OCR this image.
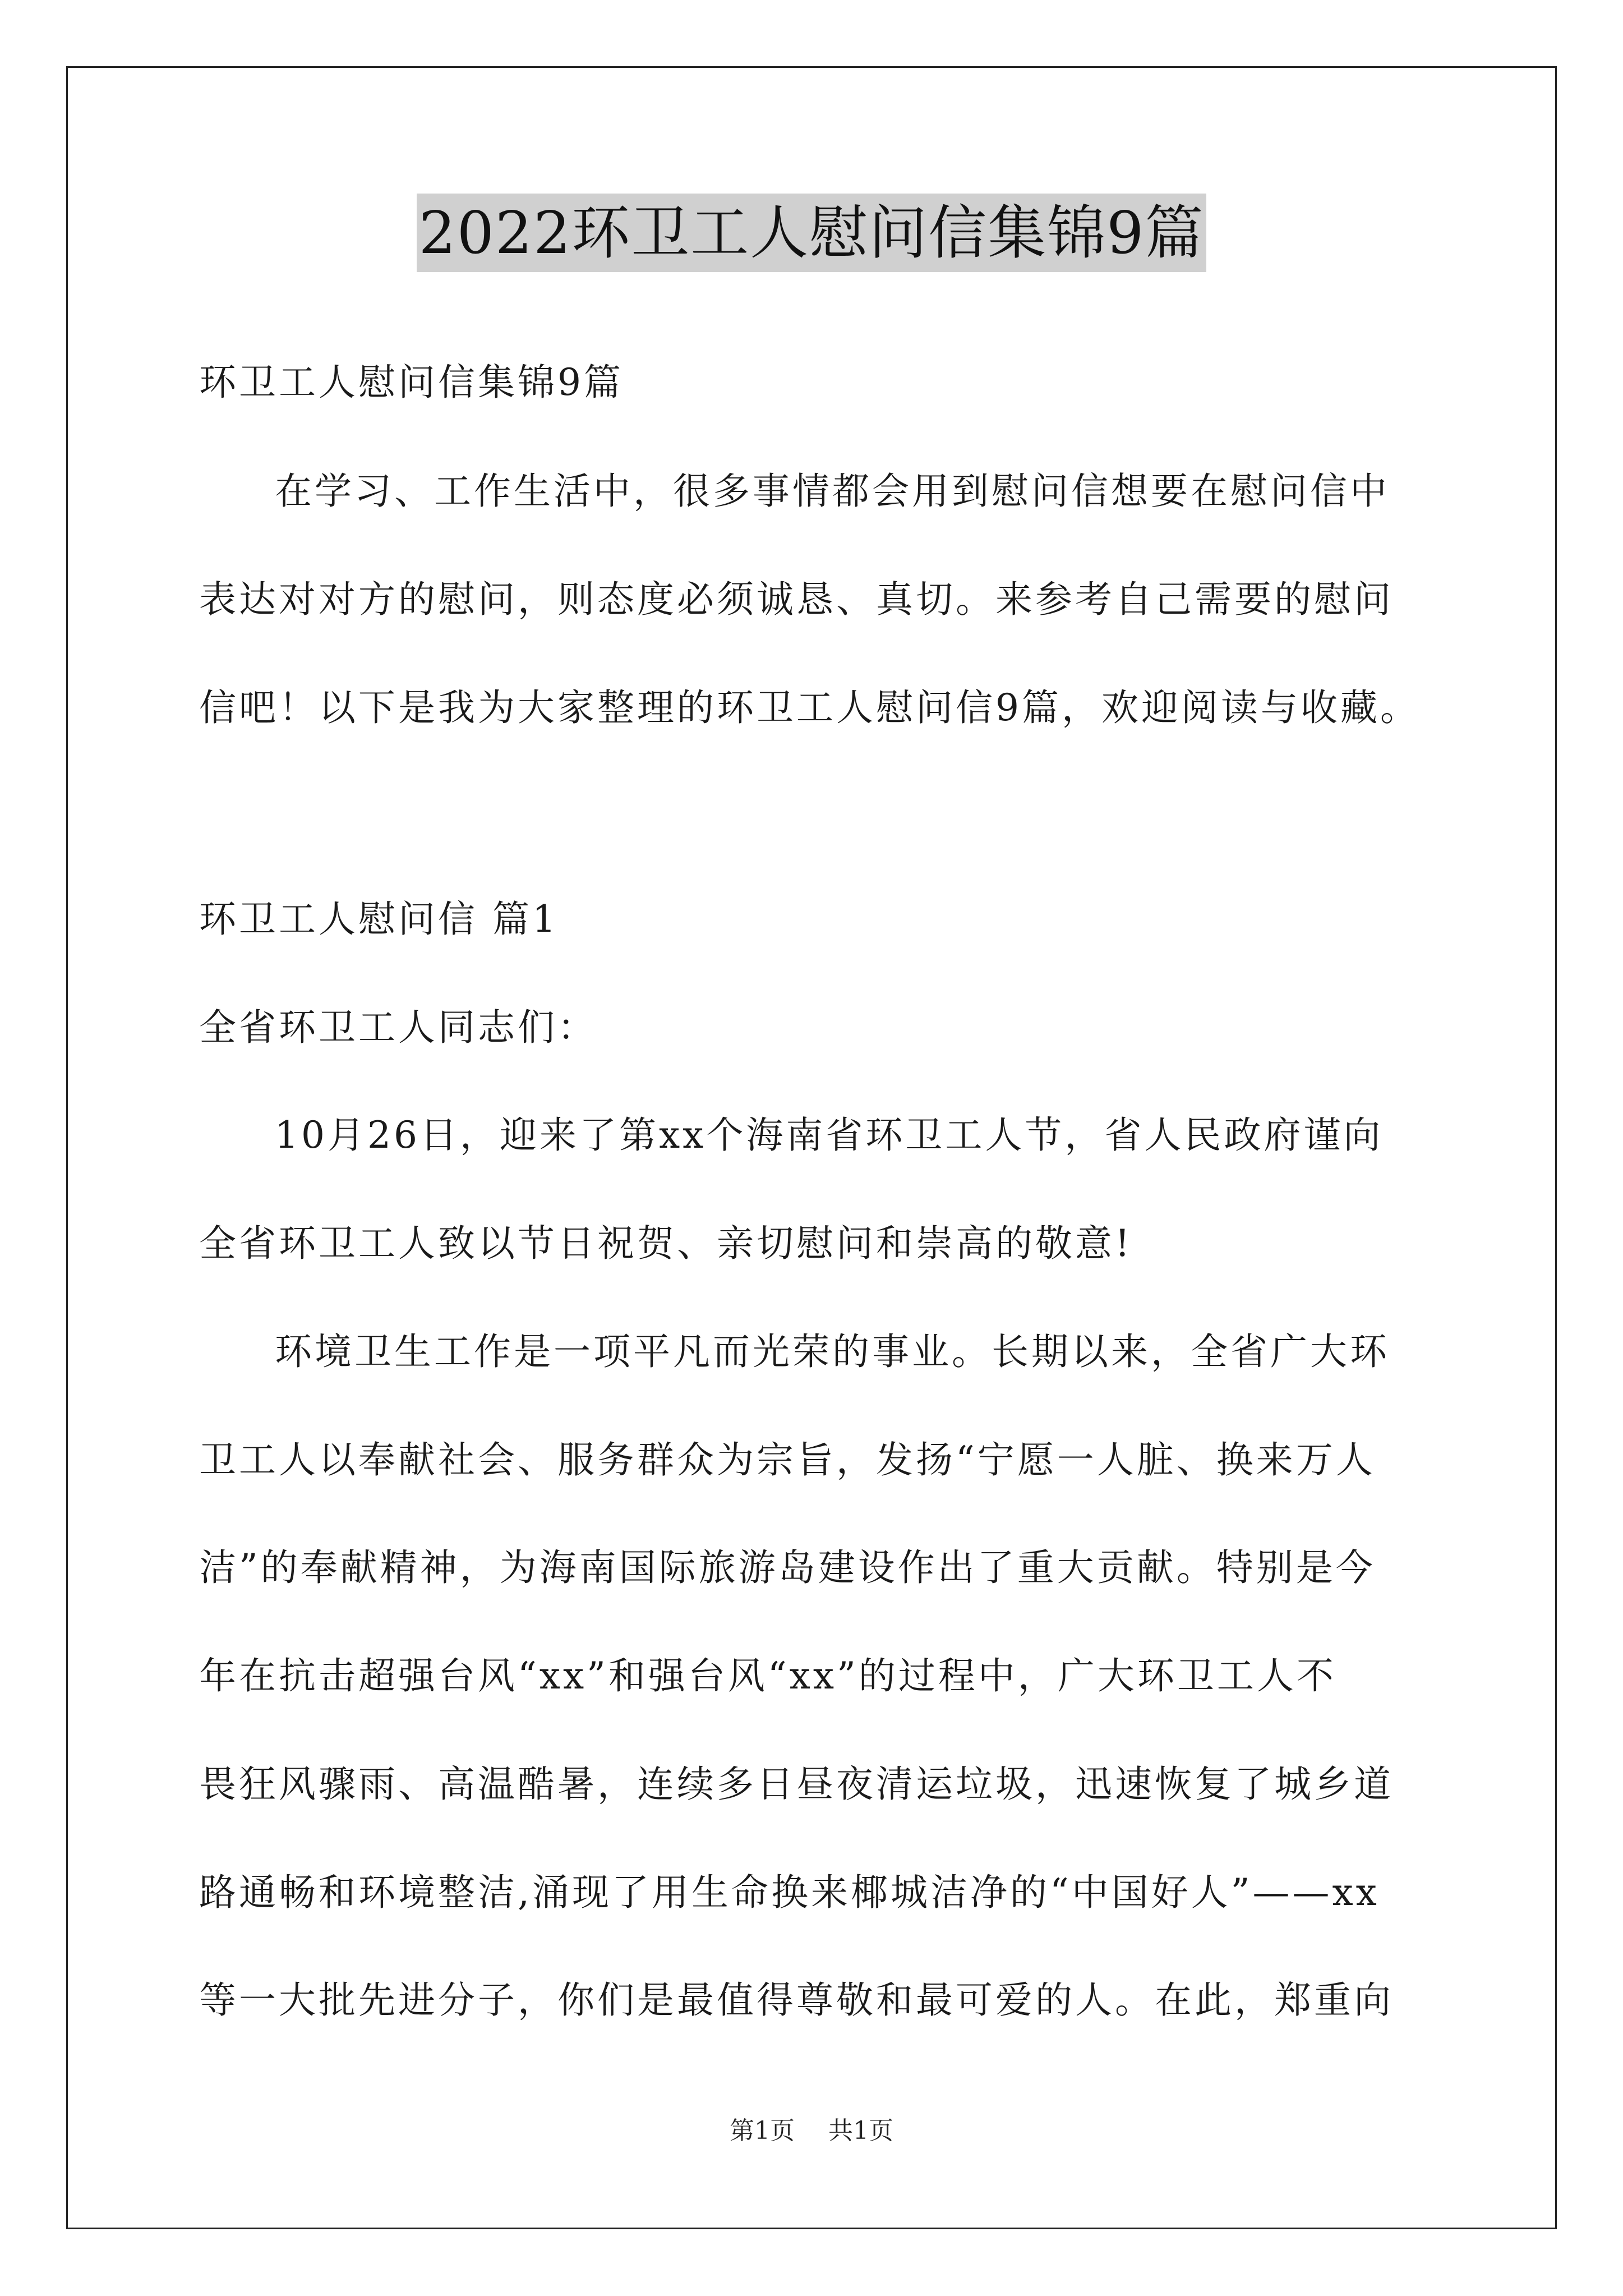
2022环卫工人慰问信集锦9篇
环卫工人慰问信集锦9篇
在学习、工作生活中，很多事情都会用到慰问信想要在慰问信中
表达对对方的慰问，则态度必须诚恳、真切。来参考自己需要的慰问
信吧！以下是我为大家整理的环卫工人慰问信9篇，欢迎阅读与收藏。
环卫工人慰问信 篇1
全省环卫工人同志们：
10月26日，迎来了第xx个海南省环卫工人节，省人民政府谨向
全省环卫工人致以节日祝贺、亲切慰问和崇高的敬意!
环境卫生工作是一项平凡而光荣的事业。长期以来，全省广大环
卫工人以奉献社会、服务群众为宗旨，发扬“宁愿一人脏、换来万人
洁”的奉献精神，为海南国际旅游岛建设作出了重大贡献。特别是今
年在抗击超强台风“xx”和强台风“xx”的过程中，广大环卫工人不
畏狂风骤雨、高温酷暑，连续多日昼夜清运垃圾，迅速恢复了城乡道
路通畅和环境整洁,涌现了用生命换来椰城洁净的“中国好人”——xx
等一大批先进分子，你们是最值得尊敬和最可爱的人。在此，郑重向
第1页 共1页
